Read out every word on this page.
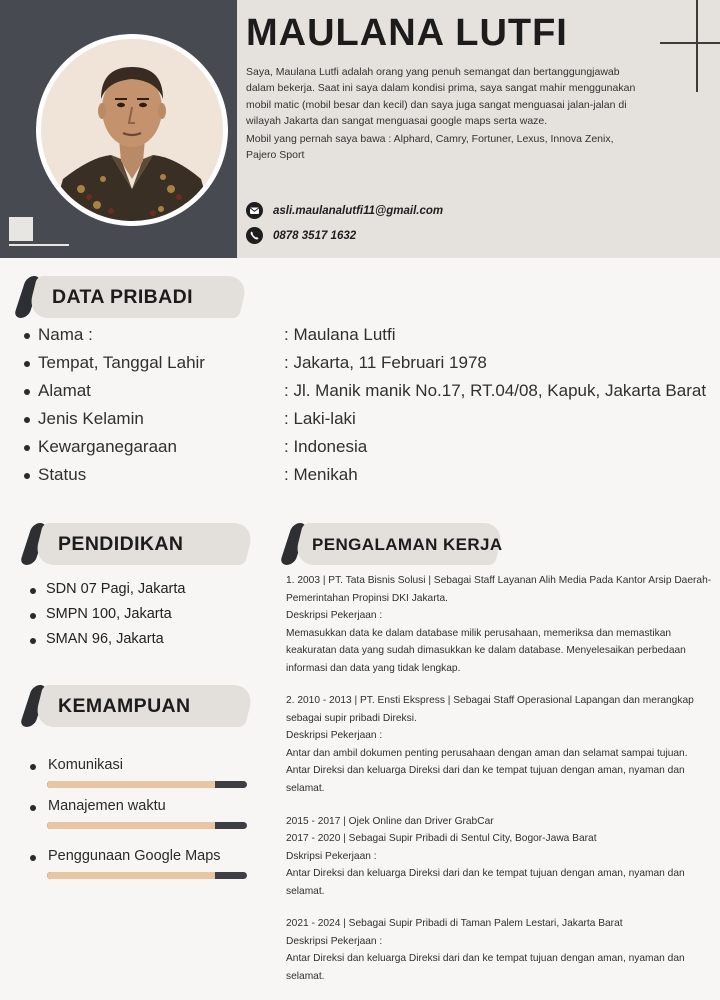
MAULANA LUTFI

Saya, Maulana Lutfi adalah orang yang penuh semangat dan bertanggungjawab dalam bekerja. Saat ini saya dalam kondisi prima, saya sangat mahir menggunakan mobil matic (mobil besar dan kecil) dan saya juga sangat menguasai jalan-jalan di wilayah Jakarta dan sangat menguasai google maps serta waze.

Mobil yang pernah saya bawa : Alphard, Camry, Fortuner, Lexus, Innova Zenix, Pajero Sport

asli.maulanalutfi11@gmail.com
0878 3517 1632
DATA PRIBADI
Nama :	: Maulana Lutfi
Tempat, Tanggal Lahir	: Jakarta, 11 Februari 1978
Alamat	: Jl. Manik manik No.17, RT.04/08, Kapuk, Jakarta Barat
Jenis Kelamin	: Laki-laki
Kewarganegaraan	: Indonesia
Status	: Menikah
PENDIDIKAN
SDN 07 Pagi, Jakarta
SMPN 100, Jakarta
SMAN 96, Jakarta
KEMAMPUAN
Komunikasi
Manajemen waktu
Penggunaan Google Maps
PENGALAMAN KERJA
1. 2003 | PT. Tata Bisnis Solusi | Sebagai Staff Layanan Alih Media Pada Kantor Arsip Daerah-Pemerintahan Propinsi DKI Jakarta.
Deskripsi Pekerjaan :
Memasukkan data ke dalam database milik perusahaan, memeriksa dan memastikan keakuratan data yang sudah dimasukkan ke dalam database. Menyelesaikan perbedaan informasi dan data yang tidak lengkap.
2. 2010 - 2013 | PT. Ensti Ekspress | Sebagai Staff Operasional Lapangan dan merangkap sebagai supir pribadi Direksi.
Deskripsi Pekerjaan :
Antar dan ambil dokumen penting perusahaan dengan aman dan selamat sampai tujuan. Antar Direksi dan keluarga Direksi dari dan ke tempat tujuan dengan aman, nyaman dan selamat.
2015 - 2017 | Ojek Online dan Driver GrabCar
2017 - 2020 | Sebagai Supir Pribadi di Sentul City, Bogor-Jawa Barat
Dskripsi Pekerjaan :
Antar Direksi dan keluarga Direksi dari dan ke tempat tujuan dengan aman, nyaman dan selamat.
2021 - 2024 | Sebagai Supir Pribadi di Taman Palem Lestari, Jakarta Barat
Deskripsi Pekerjaan :
Antar Direksi dan keluarga Direksi dari dan ke tempat tujuan dengan aman, nyaman dan selamat.
